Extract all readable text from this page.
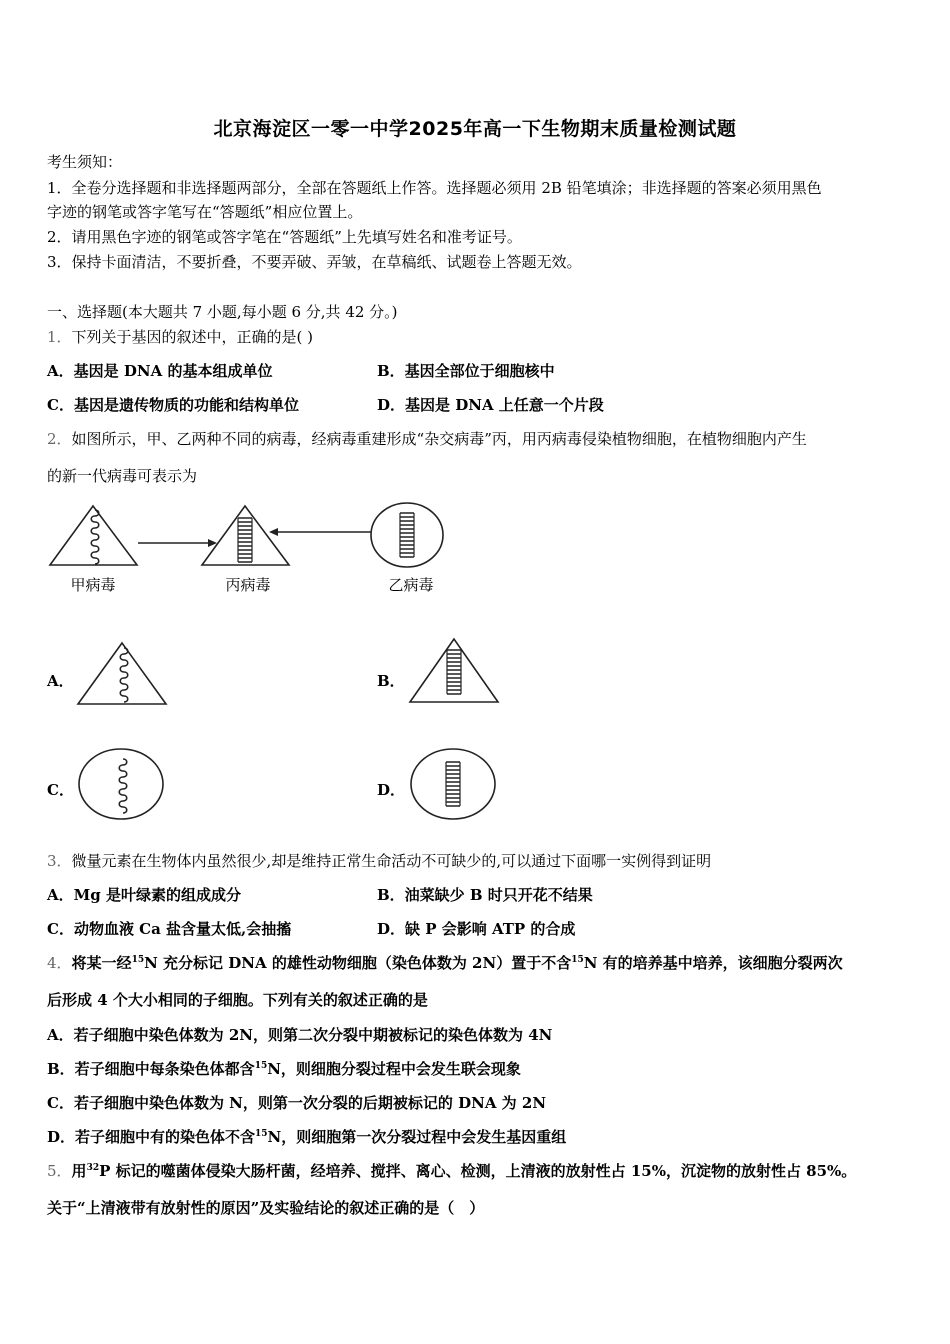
北京海淀区一零一中学2025年高一下生物期末质量检测试题
考生须知：
1．全卷分选择题和非选择题两部分，全部在答题纸上作答。选择题必须用 2B 铅笔填涂；非选择题的答案必须用黑色
字迹的钢笔或答字笔写在“答题纸”相应位置上。
2．请用黑色字迹的钢笔或答字笔在“答题纸”上先填写姓名和准考证号。
3．保持卡面清洁，不要折叠，不要弄破、弄皱，在草稿纸、试题卷上答题无效。
一、选择题(本大题共 7 小题,每小题 6 分,共 42 分。)
1．下列关于基因的叙述中，正确的是( )
A．基因是 DNA 的基本组成单位	B．基因全部位于细胞核中
C．基因是遗传物质的功能和结构单位	D．基因是 DNA 上任意一个片段
2．如图所示，甲、乙两种不同的病毒，经病毒重建形成“杂交病毒”丙，用丙病毒侵染植物细胞，在植物细胞内产生
的新一代病毒可表示为
甲病毒	丙病毒	乙病毒
A．	B．
C．	D．
3．微量元素在生物体内虽然很少,却是维持正常生命活动不可缺少的,可以通过下面哪一实例得到证明
A．Mg 是叶绿素的组成成分	B．油菜缺少 B 时只开花不结果
C．动物血液 Ca 盐含量太低,会抽搐	D．缺 P 会影响 ATP 的合成
4．将某一经$^{15}$N 充分标记 DNA 的雄性动物细胞（染色体数为 2N）置于不含$^{15}$N 有的培养基中培养，该细胞分裂两次
后形成 4 个大小相同的子细胞。下列有关的叙述正确的是
A．若子细胞中染色体数为 2N，则第二次分裂中期被标记的染色体数为 4N
B．若子细胞中每条染色体都含$^{15}$N，则细胞分裂过程中会发生联会现象
C．若子细胞中染色体数为 N，则第一次分裂的后期被标记的 DNA 为 2N
D．若子细胞中有的染色体不含$^{15}$N，则细胞第一次分裂过程中会发生基因重组
5．用$^{32}$P 标记的噬菌体侵染大肠杆菌，经培养、搅拌、离心、检测，上清液的放射性占 15%，沉淀物的放射性占 85%。
关于“上清液带有放射性的原因”及实验结论的叙述正确的是（　）
